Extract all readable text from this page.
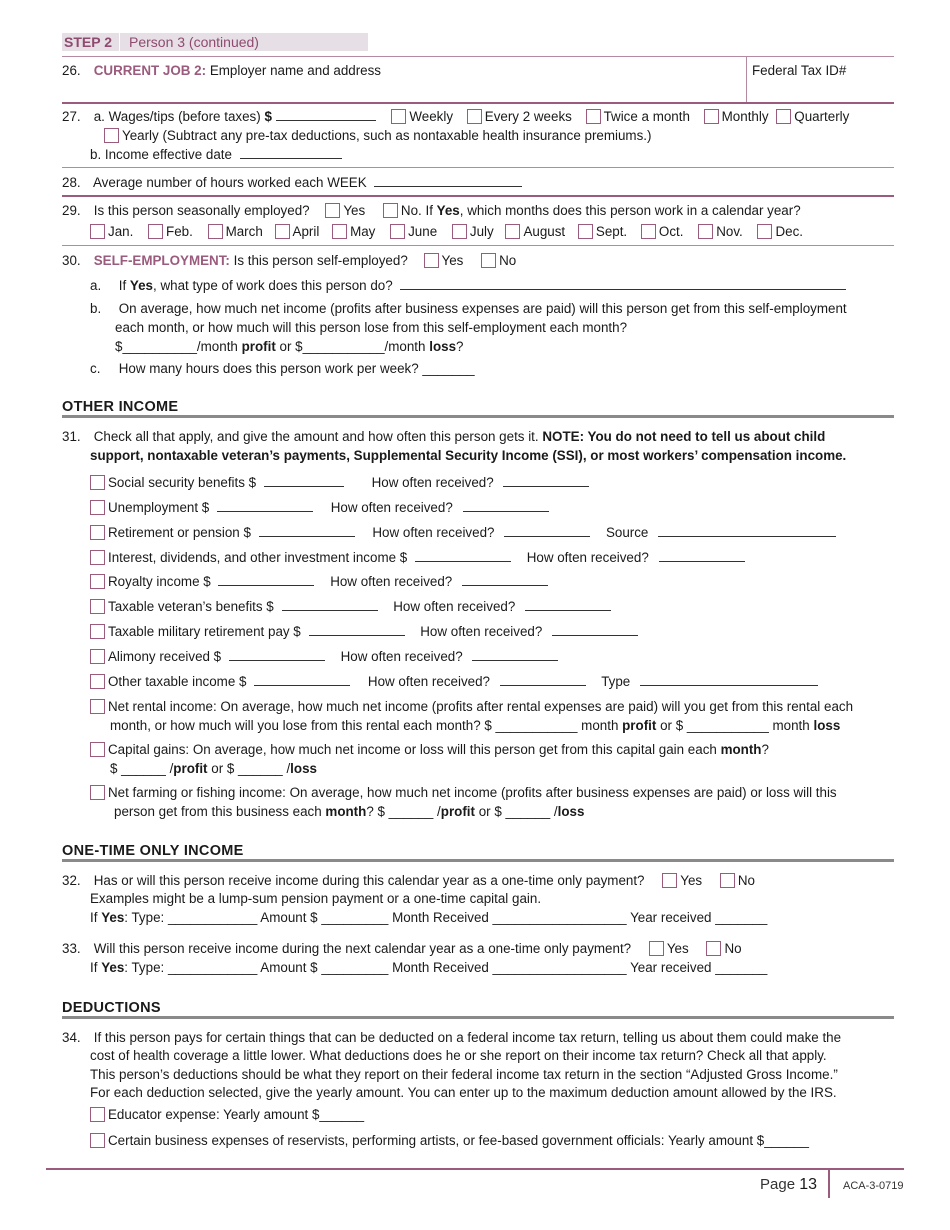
STEP 2	Person 3 (continued)
26. CURRENT JOB 2: Employer name and address	Federal Tax ID#
27. a. Wages/tips (before taxes) $	Weekly Every 2 weeks Twice a month Monthly Quarterly
Yearly (Subtract any pre-tax deductions, such as nontaxable health insurance premiums.)
b. Income effective date
28. Average number of hours worked each WEEK
29. Is this person seasonally employed?	Yes	No. If Yes, which months does this person work in a calendar year?
Jan. Feb. March April May June July August Sept. Oct. Nov. Dec.
30. SELF-EMPLOYMENT: Is this person self-employed?	Yes	No
a. If Yes, what type of work does this person do?
b. On average, how much net income (profits after business expenses are paid) will this person get from this self-employment
each month, or how much will this person lose from this self-employment each month?
$__________/month profit or $___________/month loss?
c. How many hours does this person work per week? _______
OTHER INCOME
31. Check all that apply, and give the amount and how often this person gets it. NOTE: You do not need to tell us about child
support, nontaxable veteran’s payments, Supplemental Security Income (SSI), or most workers’ compensation income.
Social security benefits $	How often received?
Unemployment $	How often received?
Retirement or pension $	How often received?	Source
Interest, dividends, and other investment income $	How often received?
Royalty income $	How often received?
Taxable veteran’s benefits $	How often received?
Taxable military retirement pay $	How often received?
Alimony received $	How often received?
Other taxable income $	How often received?	Type
Net rental income: On average, how much net income (profits after rental expenses are paid) will you get from this rental each
month, or how much will you lose from this rental each month? $ ___________ month profit or $ ___________ month loss
Capital gains: On average, how much net income or loss will this person get from this capital gain each month?
$ ______ /profit or $ ______ /loss
Net farming or fishing income: On average, how much net income (profits after business expenses are paid) or loss will this
person get from this business each month? $ ______ /profit or $ ______ /loss
ONE-TIME ONLY INCOME
32. Has or will this person receive income during this calendar year as a one-time only payment?	Yes	No
Examples might be a lump-sum pension payment or a one-time capital gain.
If Yes: Type: ____________ Amount $ _________ Month Received __________________ Year received _______
33. Will this person receive income during the next calendar year as a one-time only payment?	Yes	No
If Yes: Type: ____________ Amount $ _________ Month Received __________________ Year received _______
DEDUCTIONS
34. If this person pays for certain things that can be deducted on a federal income tax return, telling us about them could make the
cost of health coverage a little lower. What deductions does he or she report on their income tax return? Check all that apply.
This person’s deductions should be what they report on their federal income tax return in the section “Adjusted Gross Income.”
For each deduction selected, give the yearly amount. You can enter up to the maximum deduction amount allowed by the IRS.
Educator expense: Yearly amount $______
Certain business expenses of reservists, performing artists, or fee-based government officials: Yearly amount $______
Page 13 ACA-3-0719
